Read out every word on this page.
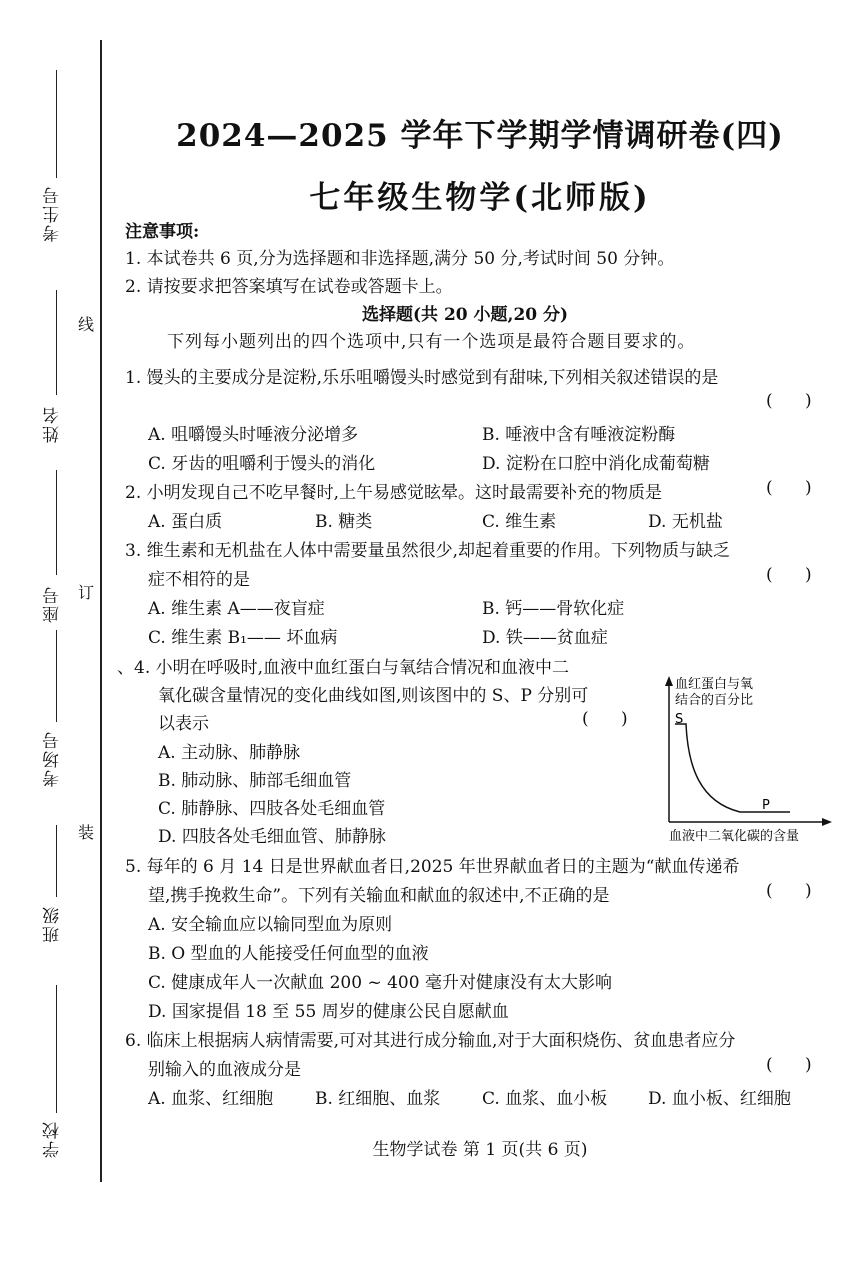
考生号
姓名
座号
考场号
班级
学校
线
订
装
2024—2025 学年下学期学情调研卷(四)
七年级生物学(北师版)
注意事项:
1. 本试卷共 6 页,分为选择题和非选择题,满分 50 分,考试时间 50 分钟。
2. 请按要求把答案填写在试卷或答题卡上。
选择题(共 20 小题,20 分)
下列每小题列出的四个选项中,只有一个选项是最符合题目要求的。
1. 馒头的主要成分是淀粉,乐乐咀嚼馒头时感觉到有甜味,下列相关叙述错误的是
(      )
A. 咀嚼馒头时唾液分泌增多	B. 唾液中含有唾液淀粉酶
C. 牙齿的咀嚼利于馒头的消化	D. 淀粉在口腔中消化成葡萄糖
2. 小明发现自己不吃早餐时,上午易感觉眩晕。这时最需要补充的物质是	(      )
A. 蛋白质	B. 糖类	C. 维生素	D. 无机盐
3. 维生素和无机盐在人体中需要量虽然很少,却起着重要的作用。下列物质与缺乏
症不相符的是	(      )
A. 维生素 A——夜盲症	B. 钙——骨软化症
C. 维生素 B₁—— 坏血病	D. 铁——贫血症
、4. 小明在呼吸时,血液中血红蛋白与氧结合情况和血液中二
氧化碳含量情况的变化曲线如图,则该图中的 S、P 分别可
以表示	(      )
A. 主动脉、肺静脉
B. 肺动脉、肺部毛细血管
C. 肺静脉、四肢各处毛细血管
D. 四肢各处毛细血管、肺静脉
血红蛋白与氧
结合的百分比
S
P
血液中二氧化碳的含量
5. 每年的 6 月 14 日是世界献血者日,2025 年世界献血者日的主题为“献血传递希
望,携手挽救生命”。下列有关输血和献血的叙述中,不正确的是	(      )
A. 安全输血应以输同型血为原则
B. O 型血的人能接受任何血型的血液
C. 健康成年人一次献血 200 ~ 400 毫升对健康没有太大影响
D. 国家提倡 18 至 55 周岁的健康公民自愿献血
6. 临床上根据病人病情需要,可对其进行成分输血,对于大面积烧伤、贫血患者应分
别输入的血液成分是	(      )
A. 血浆、红细胞 B. 红细胞、血浆 C. 血浆、血小板 D. 血小板、红细胞
生物学试卷 第 1 页(共 6 页)
